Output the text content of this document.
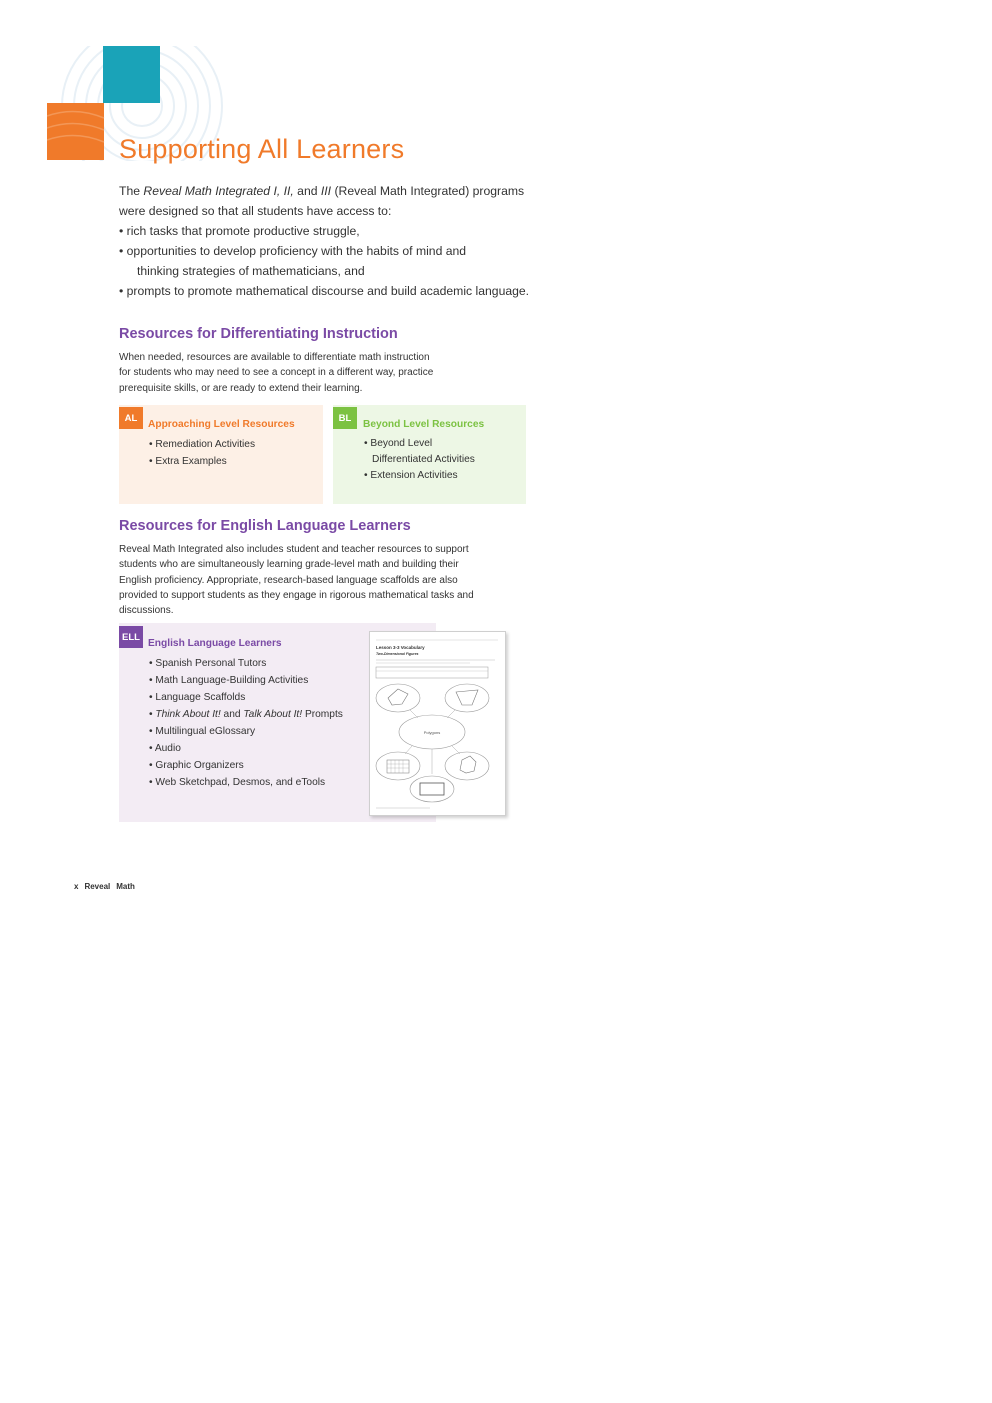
Supporting All Learners

The Reveal Math Integrated I, II, and III (Reveal Math Integrated) programs

were designed so that all students have access to:

• rich tasks that promote productive struggle,
• opportunities to develop proficiency with the habits of mind and
thinking strategies of mathematicians, and
• prompts to promote mathematical discourse and build academic language.
Resources for Differentiating Instruction
When needed, resources are available to differentiate math instruction
for students who may need to see a concept in a different way, practice
prerequisite skills, or are ready to extend their learning.
AL
Approaching Level Resources
• Remediation Activities
• Extra Examples
BL
Beyond Level Resources
• Beyond Level
Differentiated Activities
• Extension Activities
Resources for English Language Learners
Reveal Math Integrated also includes student and teacher resources to support
students who are simultaneously learning grade-level math and building their
English proficiency. Appropriate, research-based language scaffolds are also
provided to support students as they engage in rigorous mathematical tasks and
discussions.
ELL
English Language Learners
• Spanish Personal Tutors
• Math Language-Building Activities
• Language Scaffolds
• Think About It! and Talk About It! Prompts
• Multilingual eGlossary
• Audio
• Graphic Organizers
• Web Sketchpad, Desmos, and eTools
Lesson 3-3 Vocabulary
Two-Dimensional Figures
Polygons
x Reveal Math
